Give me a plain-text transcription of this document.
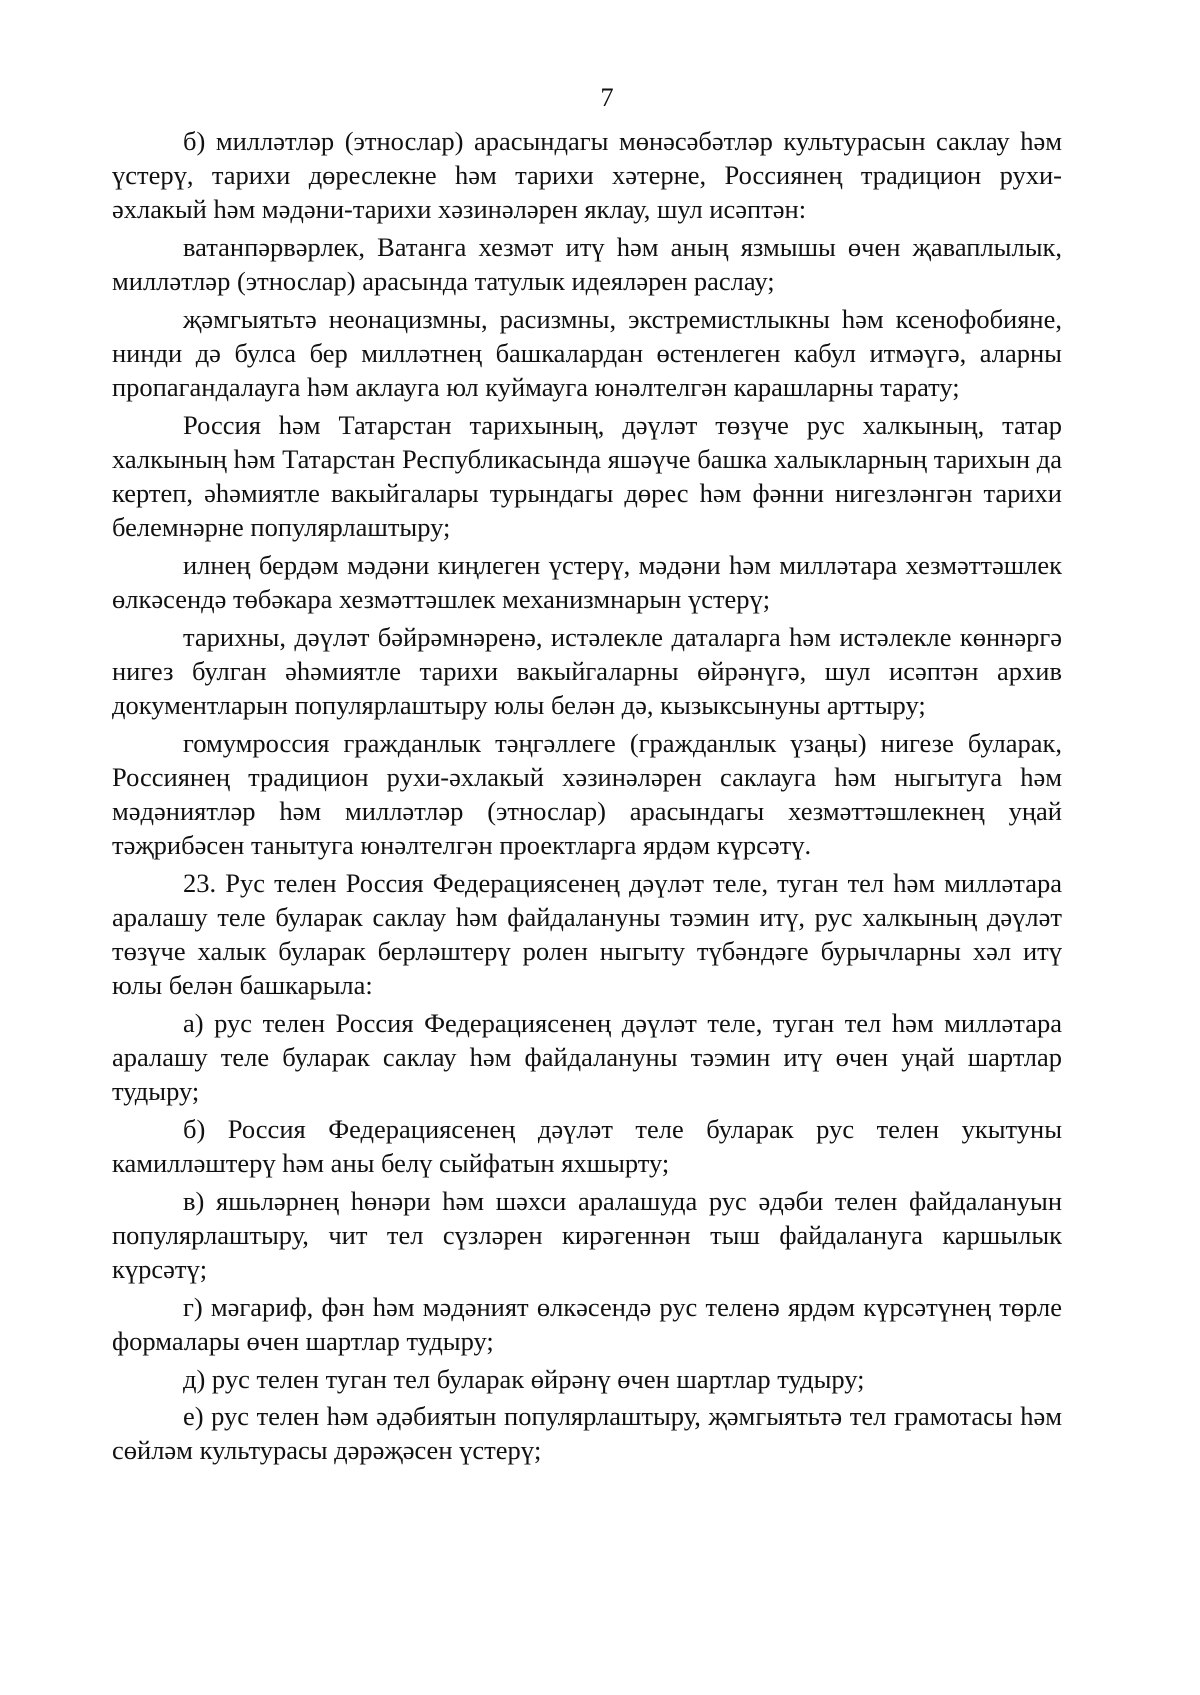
7

б) милләтләр (этнослар) арасындагы мөнәсәбәтләр культурасын саклау һәм үстерү, тарихи дөреслекне һәм тарихи хәтерне, Россиянең традицион рухи-әхлакый һәм мәдәни-тарихи хәзинәләрен яклау, шул исәптән:

ватанпәрвәрлек, Ватанга хезмәт итү һәм аның язмышы өчен җаваплылык, милләтләр (этнослар) арасында татулык идеяләрен раслау;

җәмгыятьтә неонацизмны, расизмны, экстремистлыкны һәм ксенофобияне, нинди дә булса бер милләтнең башкалардан өстенлеген кабул итмәүгә, аларны пропагандалауга һәм аклауга юл куймауга юнәлтелгән карашларны тарату;

Россия һәм Татарстан тарихының, дәүләт төзүче рус халкының, татар халкының һәм Татарстан Республикасында яшәүче башка халыкларның тарихын да кертеп, әһәмиятле вакыйгалары турындагы дөрес һәм фәнни нигезләнгән тарихи белемнәрне популярлаштыру;

илнең бердәм мәдәни киңлеген үстерү, мәдәни һәм милләтара хезмәттәшлек өлкәсендә төбәкара хезмәттәшлек механизмнарын үстерү;

тарихны, дәүләт бәйрәмнәренә, истәлекле даталарга һәм истәлекле көннәргә нигез булган әһәмиятле тарихи вакыйгаларны өйрәнүгә, шул исәптән архив документларын популярлаштыру юлы белән дә, кызыксынуны арттыру;

гомумроссия гражданлык тәңгәллеге (гражданлык үзаңы) нигезе буларак, Россиянең традицион рухи-әхлакый хәзинәләрен саклауга һәм ныгытуга һәм мәдәниятләр һәм милләтләр (этнослар) арасындагы хезмәттәшлекнең уңай тәҗрибәсен танытуга юнәлтелгән проектларга ярдәм күрсәтү.

23. Рус телен Россия Федерациясенең дәүләт теле, туган тел һәм милләтара аралашу теле буларак саклау һәм файдалануны тәэмин итү, рус халкының дәүләт төзүче халык буларак берләштерү ролен ныгыту түбәндәге бурычларны хәл итү юлы белән башкарыла:

а) рус телен Россия Федерациясенең дәүләт теле, туган тел һәм милләтара аралашу теле буларак саклау һәм файдалануны тәэмин итү өчен уңай шартлар тудыру;

б) Россия Федерациясенең дәүләт теле буларак рус телен укытуны камилләштерү һәм аны белү сыйфатын яхшырту;

в) яшьләрнең һөнәри һәм шәхси аралашуда рус әдәби телен файдалануын популярлаштыру, чит тел сүзләрен кирәгеннән тыш файдалануга каршылык күрсәтү;

г) мәгариф, фән һәм мәдәният өлкәсендә рус теленә ярдәм күрсәтүнең төрле формалары өчен шартлар тудыру;

д) рус телен туган тел буларак өйрәнү өчен шартлар тудыру;

е) рус телен һәм әдәбиятын популярлаштыру, җәмгыятьтә тел грамотасы һәм сөйләм культурасы дәрәҗәсен үстерү;
